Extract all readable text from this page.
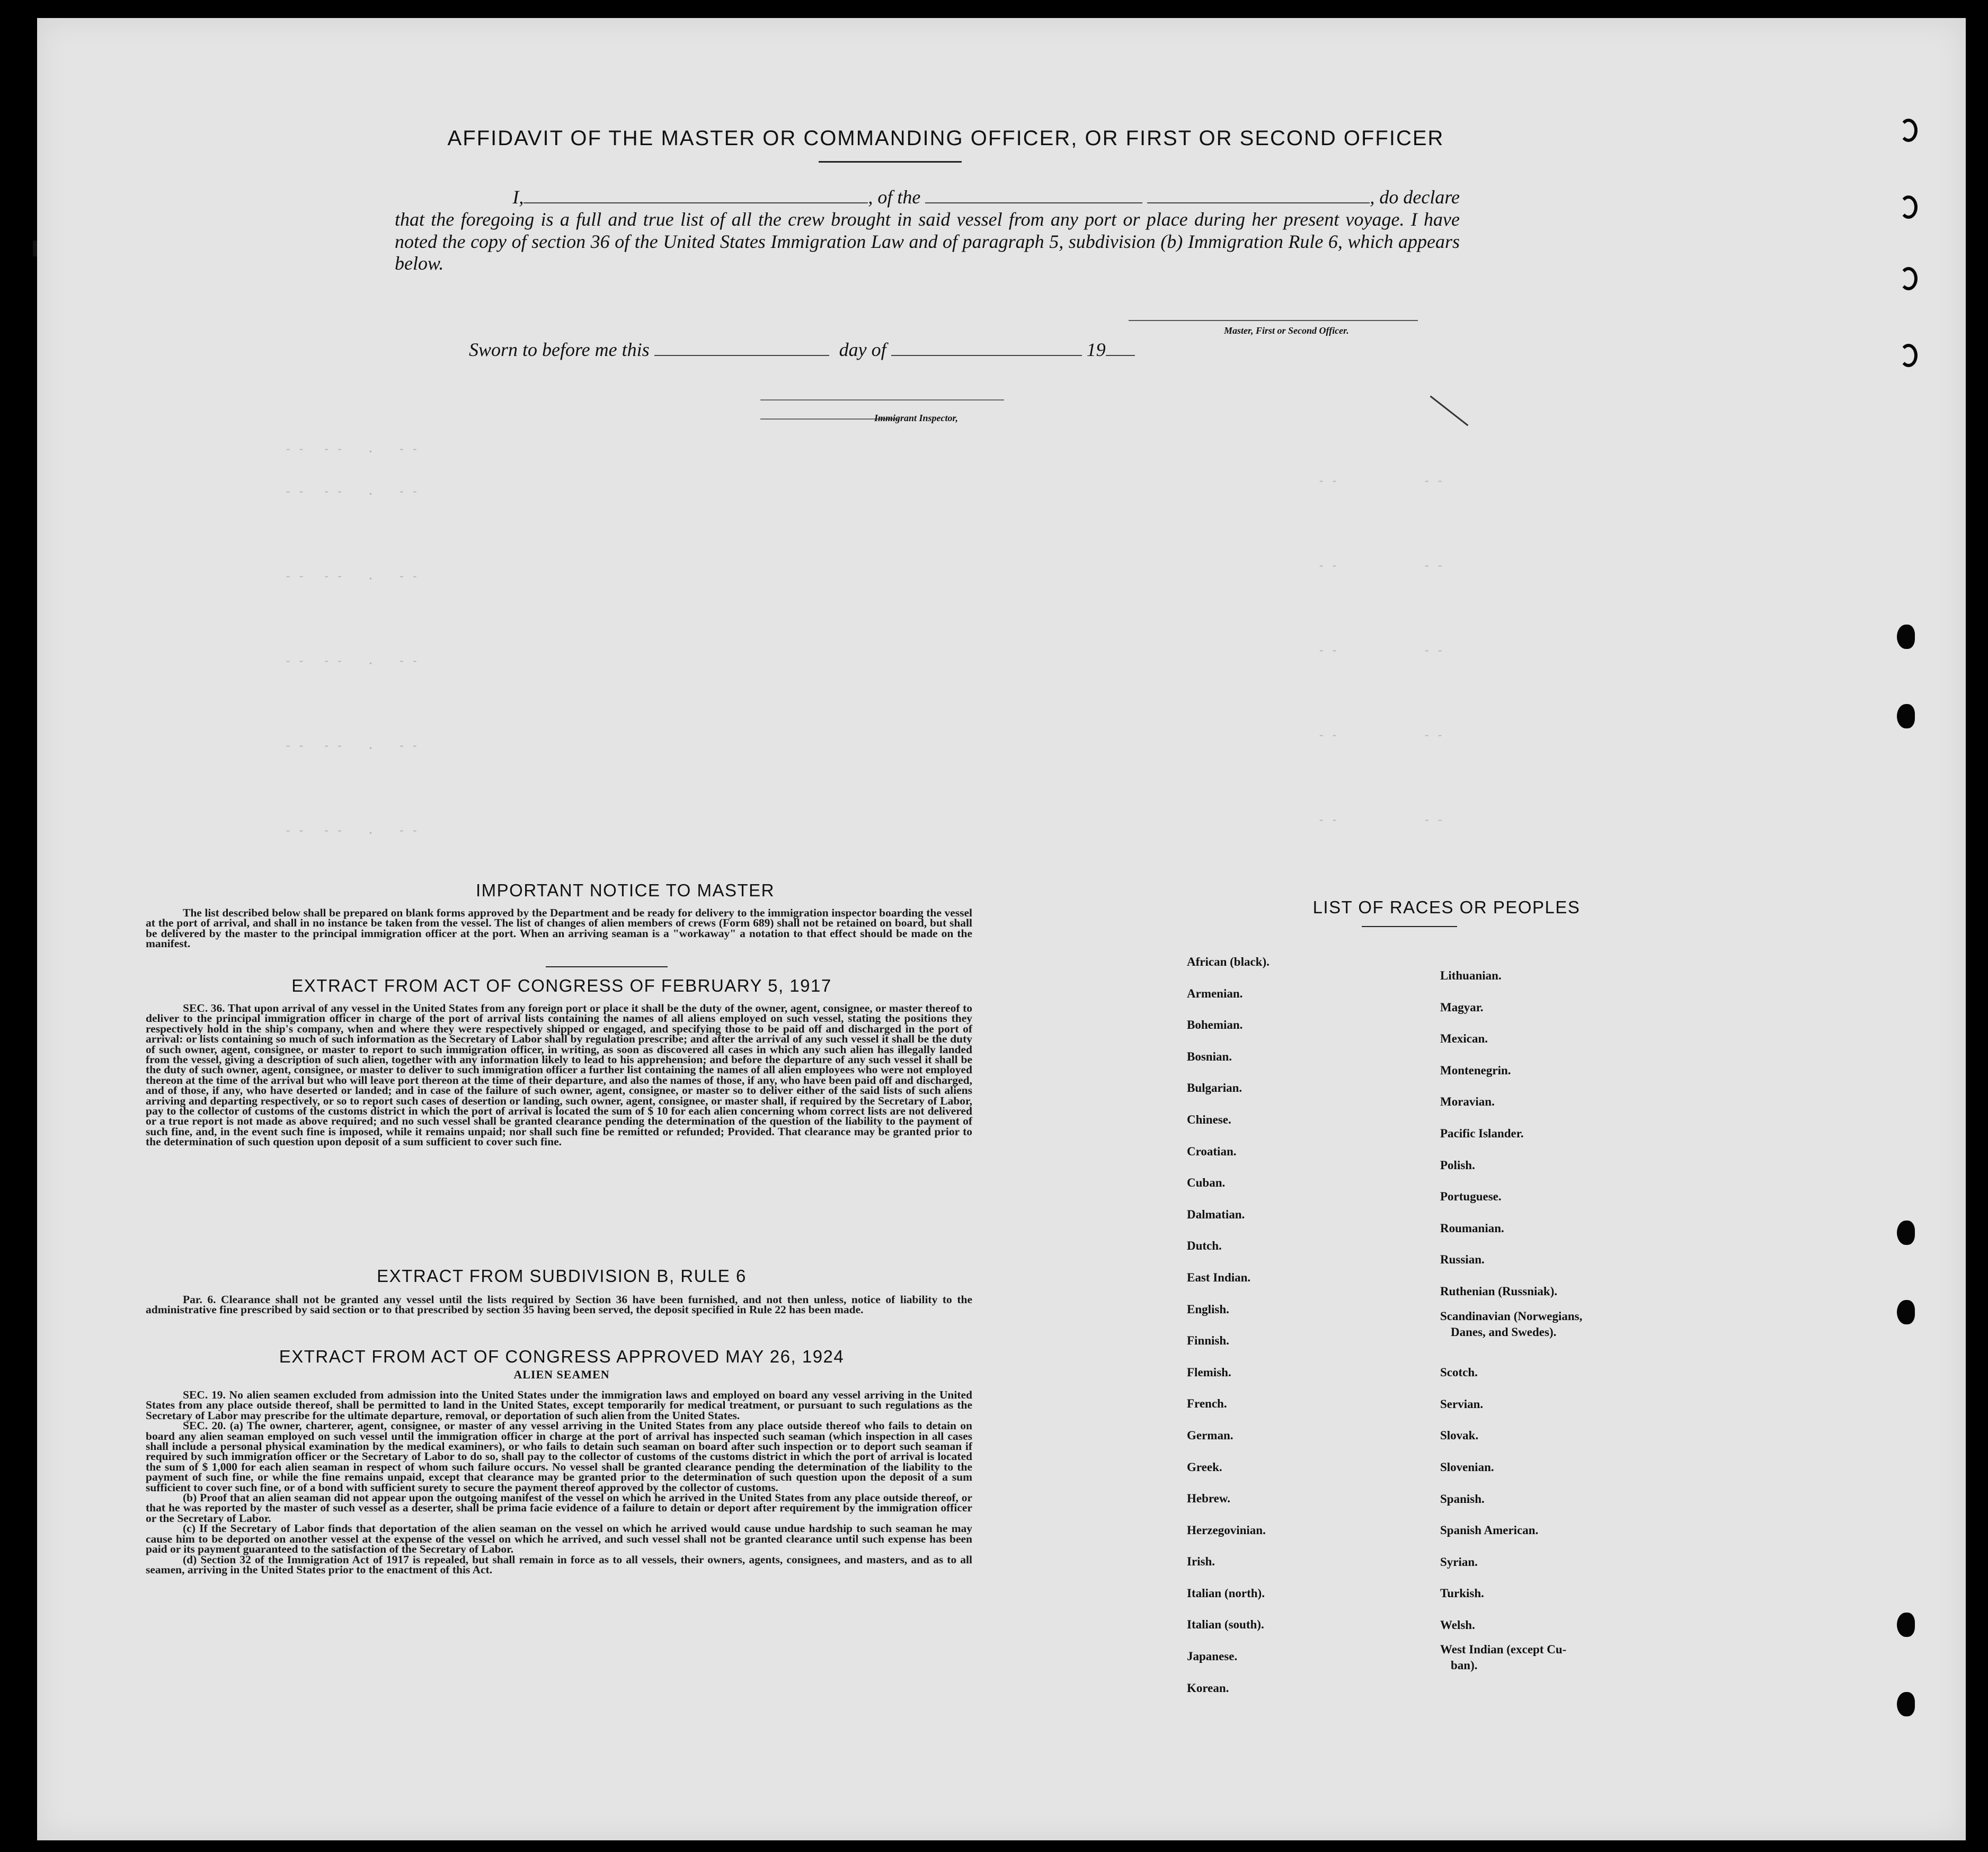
- -   - -    .    - -
- -   - -    .    - -
- -   - -    .    - -
- -   - -    .    - -
- -   - -    .    - -
- -   - -    .    - -
- -              - -
- -              - -
- -              - -
- -              - -
- -              - -
AFFIDAVIT OF THE MASTER OR COMMANDING OFFICER, OR FIRST OR SECOND OFFICER
I,	, of the	, do declare
that the foregoing is a full and true list of all the crew brought in said vessel from any port or place during her present voyage. I have noted the copy of section 36 of the United States Immigration Law and of paragraph 5, subdivision (b) Immigration Rule 6, which appears below.
Master, First or Second Officer.
Sworn to before me this	day of	19
Immigrant Inspector,
IMPORTANT NOTICE TO MASTER

The list described below shall be prepared on blank forms approved by the Department and be ready for delivery to the immigration inspector boarding the vessel at the port of arrival, and shall in no instance be taken from the vessel. The list of changes of alien members of crews (Form 689) shall not be retained on board, but shall be delivered by the master to the principal immigration officer at the port. When an arriving seaman is a "workaway" a notation to that effect should be made on the manifest.

EXTRACT FROM ACT OF CONGRESS OF FEBRUARY 5, 1917

SEC. 36. That upon arrival of any vessel in the United States from any foreign port or place it shall be the duty of the owner, agent, consignee, or master thereof to deliver to the principal immigration officer in charge of the port of arrival lists containing the names of all aliens employed on such vessel, stating the positions they respectively hold in the ship's company, when and where they were respectively shipped or engaged, and specifying those to be paid off and discharged in the port of arrival: or lists containing so much of such information as the Secretary of Labor shall by regulation prescribe; and after the arrival of any such vessel it shall be the duty of such owner, agent, consignee, or master to report to such immigration officer, in writing, as soon as discovered all cases in which any such alien has illegally landed from the vessel, giving a description of such alien, together with any information likely to lead to his apprehension; and before the departure of any such vessel it shall be the duty of such owner, agent, consignee, or master to deliver to such immigration officer a further list containing the names of all alien employees who were not employed thereon at the time of the arrival but who will leave port thereon at the time of their departure, and also the names of those, if any, who have been paid off and discharged, and of those, if any, who have deserted or landed; and in case of the failure of such owner, agent, consignee, or master so to deliver either of the said lists of such aliens arriving and departing respectively, or so to report such cases of desertion or landing, such owner, agent, consignee, or master shall, if required by the Secretary of Labor, pay to the collector of customs of the customs district in which the port of arrival is located the sum of $ 10 for each alien concerning whom correct lists are not delivered or a true report is not made as above required; and no such vessel shall be granted clearance pending the determination of the question of the liability to the payment of such fine, and, in the event such fine is imposed, while it remains unpaid; nor shall such fine be remitted or refunded; Provided. That clearance may be granted prior to the determination of such question upon deposit of a sum sufficient to cover such fine.

EXTRACT FROM SUBDIVISION B, RULE 6

Par. 6. Clearance shall not be granted any vessel until the lists required by Section 36 have been furnished, and not then unless, notice of liability to the administrative fine prescribed by said section or to that prescribed by section 35 having been served, the deposit specified in Rule 22 has been made.

EXTRACT FROM ACT OF CONGRESS APPROVED MAY 26, 1924
ALIEN SEAMEN

SEC. 19. No alien seamen excluded from admission into the United States under the immigration laws and employed on board any vessel arriving in the United States from any place outside thereof, shall be permitted to land in the United States, except temporarily for medical treatment, or pursuant to such regulations as the Secretary of Labor may prescribe for the ultimate departure, removal, or deportation of such alien from the United States.

SEC. 20. (a) The owner, charterer, agent, consignee, or master of any vessel arriving in the United States from any place outside thereof who fails to detain on board any alien seaman employed on such vessel until the immigration officer in charge at the port of arrival has inspected such seaman (which inspection in all cases shall include a personal physical examination by the medical examiners), or who fails to detain such seaman on board after such inspection or to deport such seaman if required by such immigration officer or the Secretary of Labor to do so, shall pay to the collector of customs of the customs district in which the port of arrival is located the sum of $ 1,000 for each alien seaman in respect of whom such failure occurs. No vessel shall be granted clearance pending the determination of the liability to the payment of such fine, or while the fine remains unpaid, except that clearance may be granted prior to the determination of such question upon the deposit of a sum sufficient to cover such fine, or of a bond with sufficient surety to secure the payment thereof approved by the collector of customs.

(b) Proof that an alien seaman did not appear upon the outgoing manifest of the vessel on which he arrived in the United States from any place outside thereof, or that he was reported by the master of such vessel as a deserter, shall be prima facie evidence of a failure to detain or deport after requirement by the immigration officer or the Secretary of Labor.

(c) If the Secretary of Labor finds that deportation of the alien seaman on the vessel on which he arrived would cause undue hardship to such seaman he may cause him to be deported on another vessel at the expense of the vessel on which he arrived, and such vessel shall not be granted clearance until such expense has been paid or its payment guaranteed to the satisfaction of the Secretary of Labor.

(d) Section 32 of the Immigration Act of 1917 is repealed, but shall remain in force as to all vessels, their owners, agents, consignees, and masters, and as to all seamen, arriving in the United States prior to the enactment of this Act.

LIST OF RACES OR PEOPLES
African (black).
Armenian.
Bohemian.
Bosnian.
Bulgarian.
Chinese.
Croatian.
Cuban.
Dalmatian.
Dutch.
East Indian.
English.
Finnish.
Flemish.
French.
German.
Greek.
Hebrew.
Herzegovinian.
Irish.
Italian (north).
Italian (south).
Japanese.
Korean.
Lithuanian.
Magyar.
Mexican.
Montenegrin.
Moravian.
Pacific Islander.
Polish.
Portuguese.
Roumanian.
Russian.
Ruthenian (Russniak).
Scandinavian (Norwegians,
Danes, and Swedes).
Scotch.
Servian.
Slovak.
Slovenian.
Spanish.
Spanish American.
Syrian.
Turkish.
Welsh.
West Indian (except Cu-
ban).
